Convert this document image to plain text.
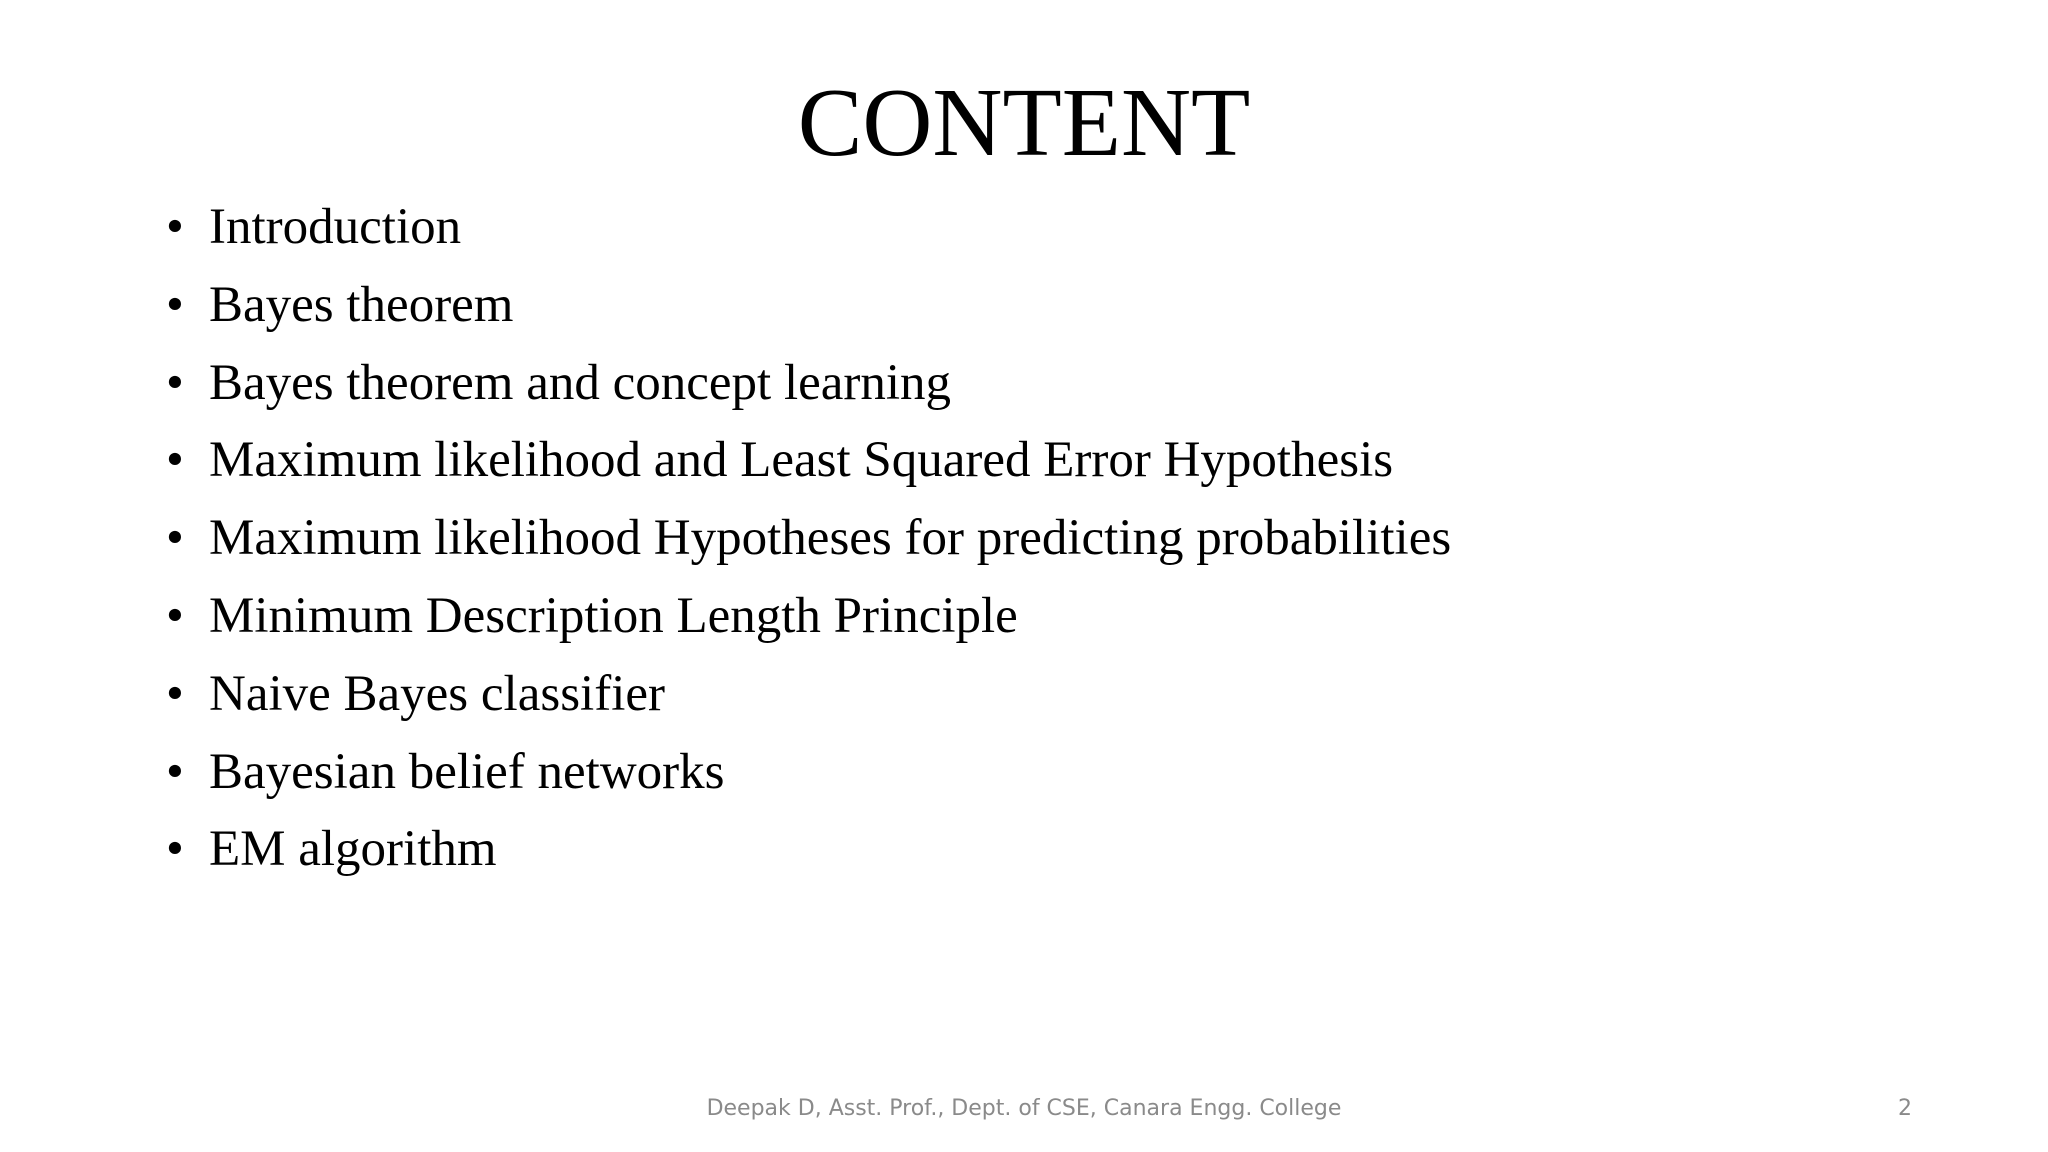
CONTENT
• Introduction
• Bayes theorem
• Bayes theorem and concept learning
• Maximum likelihood and Least Squared Error Hypothesis
• Maximum likelihood Hypotheses for predicting probabilities
• Minimum Description Length Principle
• Naive Bayes classifier
• Bayesian belief networks
• EM algorithm
Deepak D, Asst. Prof., Dept. of CSE, Canara Engg. College	2
